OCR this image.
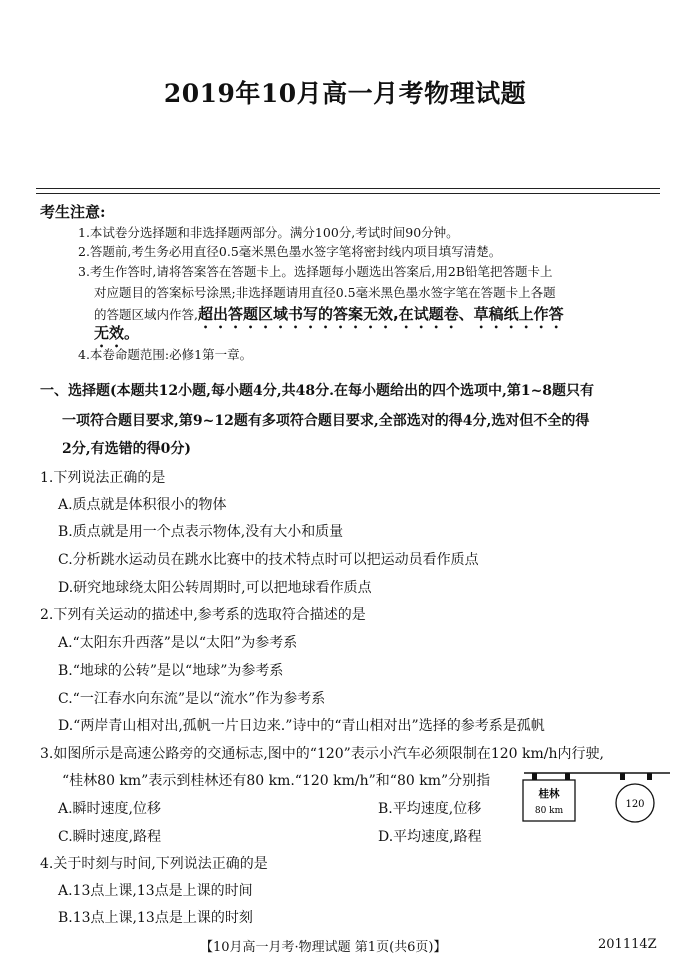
2019年10月高一月考物理试题
考生注意:
1.本试卷分选择题和非选择题两部分。满分100分,考试时间90分钟。
2.答题前,考生务必用直径0.5毫米黑色墨水签字笔将密封线内项目填写清楚。
3.考生作答时,请将答案答在答题卡上。选择题每小题选出答案后,用2B铅笔把答题卡上
对应题目的答案标号涂黑;非选择题请用直径0.5毫米黑色墨水签字笔在答题卡上各题
的答题区域内作答,超出答题区域书写的答案无效,在试题卷、草稿纸上作答
无效。
4.本卷命题范围:必修1第一章。
一、选择题(本题共12小题,每小题4分,共48分.在每小题给出的四个选项中,第1~8题只有
一项符合题目要求,第9~12题有多项符合题目要求,全部选对的得4分,选对但不全的得
2分,有选错的得0分)
1.下列说法正确的是
A.质点就是体积很小的物体
B.质点就是用一个点表示物体,没有大小和质量
C.分析跳水运动员在跳水比赛中的技术特点时可以把运动员看作质点
D.研究地球绕太阳公转周期时,可以把地球看作质点
2.下列有关运动的描述中,参考系的选取符合描述的是
A.“太阳东升西落”是以“太阳”为参考系
B.“地球的公转”是以“地球”为参考系
C.“一江春水向东流”是以“流水”作为参考系
D.“两岸青山相对出,孤帆一片日边来.”诗中的“青山相对出”选择的参考系是孤帆
3.如图所示是高速公路旁的交通标志,图中的“120”表示小汽车必须限制在120 km/h内行驶,
“桂林80 km”表示到桂林还有80 km.“120 km/h”和“80 km”分别指
A.瞬时速度,位移	B.平均速度,位移
C.瞬时速度,路程	D.平均速度,路程
桂林
80 km
120
4.关于时刻与时间,下列说法正确的是
A.13点上课,13点是上课的时间
B.13点上课,13点是上课的时刻
【10月高一月考·物理试题 第1页(共6页)】	201114Z
